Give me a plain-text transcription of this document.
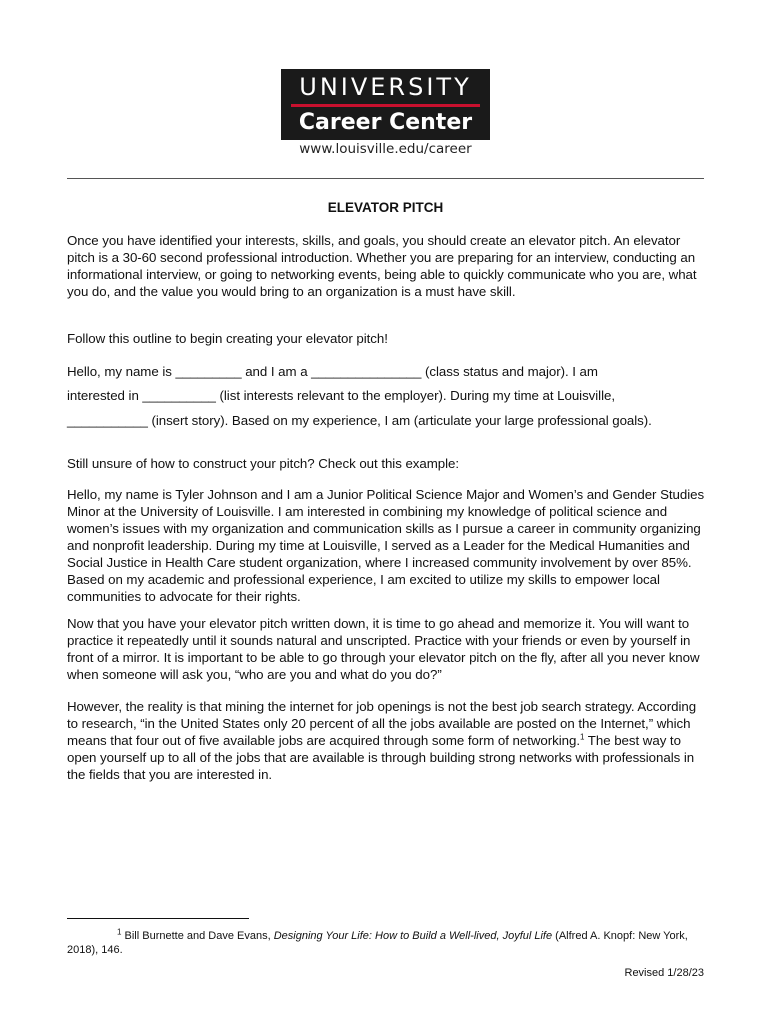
UNIVERSITY
Career Center
www.louisville.edu/career
ELEVATOR PITCH

Once you have identified your interests, skills, and goals, you should create an elevator pitch. An elevator pitch is a 30-60 second professional introduction. Whether you are preparing for an interview, conducting an informational interview, or going to networking events, being able to quickly communicate who you are, what you do, and the value you would bring to an organization is a must have skill.

Follow this outline to begin creating your elevator pitch!

Hello, my name is _________ and I am a _______________ (class status and major). I am

interested in __________ (list interests relevant to the employer). During my time at Louisville,

___________ (insert story). Based on my experience, I am (articulate your large professional goals).

Still unsure of how to construct your pitch? Check out this example:

Hello, my name is Tyler Johnson and I am a Junior Political Science Major and Women’s and Gender Studies Minor at the University of Louisville. I am interested in combining my knowledge of political science and women’s issues with my organization and communication skills as I pursue a career in community organizing and nonprofit leadership. During my time at Louisville, I served as a Leader for the Medical Humanities and Social Justice in Health Care student organization, where I increased community involvement by over 85%. Based on my academic and professional experience, I am excited to utilize my skills to empower local communities to advocate for their rights.

Now that you have your elevator pitch written down, it is time to go ahead and memorize it. You will want to practice it repeatedly until it sounds natural and unscripted. Practice with your friends or even by yourself in front of a mirror. It is important to be able to go through your elevator pitch on the fly, after all you never know when someone will ask you, “who are you and what do you do?”

However, the reality is that mining the internet for job openings is not the best job search strategy. According to research, “in the United States only 20 percent of all the jobs available are posted on the Internet,” which means that four out of five available jobs are acquired through some form of networking.$^1$ The best way to open yourself up to all of the jobs that are available is through building strong networks with professionals in the fields that you are interested in.

$^1$ Bill Burnette and Dave Evans, Designing Your Life: How to Build a Well-lived, Joyful Life (Alfred A. Knopf: New York, 2018), 146.

Revised 1/28/23
